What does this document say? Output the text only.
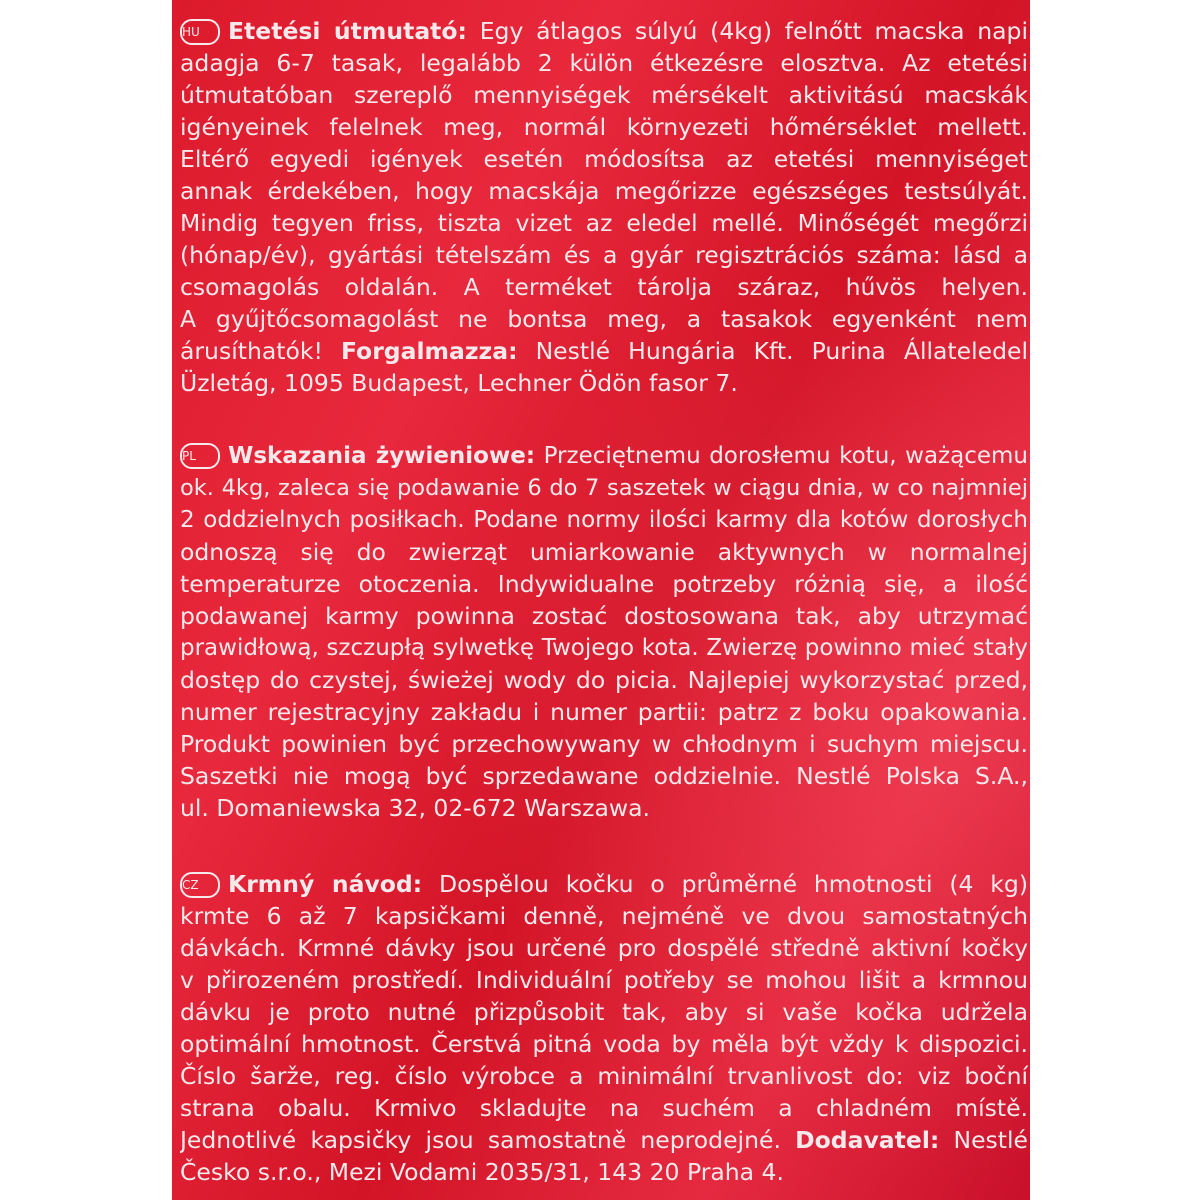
HU Etetési útmutató: Egy átlagos súlyú (4kg) felnőtt macska napi
adagja 6-7 tasak, legalább 2 külön étkezésre elosztva. Az etetési
útmutatóban szereplő mennyiségek mérsékelt aktivitású macskák
igényeinek felelnek meg, normál környezeti hőmérséklet mellett.
Eltérő egyedi igények esetén módosítsa az etetési mennyiséget
annak érdekében, hogy macskája megőrizze egészséges testsúlyát.
Mindig tegyen friss, tiszta vizet az eledel mellé. Minőségét megőrzi
(hónap/év), gyártási tételszám és a gyár regisztrációs száma: lásd a
csomagolás oldalán. A terméket tárolja száraz, hűvös helyen.
A gyűjtőcsomagolást ne bontsa meg, a tasakok egyenként nem
árusíthatók! Forgalmazza: Nestlé Hungária Kft. Purina Állateledel
Üzletág, 1095 Budapest, Lechner Ödön fasor 7.
PL Wskazania żywieniowe: Przeciętnemu dorosłemu kotu, ważącemu
ok. 4kg, zaleca się podawanie 6 do 7 saszetek w ciągu dnia, w co najmniej
2 oddzielnych posiłkach. Podane normy ilości karmy dla kotów dorosłych
odnoszą się do zwierząt umiarkowanie aktywnych w normalnej
temperaturze otoczenia. Indywidualne potrzeby różnią się, a ilość
podawanej karmy powinna zostać dostosowana tak, aby utrzymać
prawidłową, szczupłą sylwetkę Twojego kota. Zwierzę powinno mieć stały
dostęp do czystej, świeżej wody do picia. Najlepiej wykorzystać przed,
numer rejestracyjny zakładu i numer partii: patrz z boku opakowania.
Produkt powinien być przechowywany w chłodnym i suchym miejscu.
Saszetki nie mogą być sprzedawane oddzielnie. Nestlé Polska S.A.,
ul. Domaniewska 32, 02-672 Warszawa.
CZ Krmný návod: Dospělou kočku o průměrné hmotnosti (4 kg)
krmte 6 až 7 kapsičkami denně, nejméně ve dvou samostatných
dávkách. Krmné dávky jsou určené pro dospělé středně aktivní kočky
v přirozeném prostředí. Individuální potřeby se mohou lišit a krmnou
dávku je proto nutné přizpůsobit tak, aby si vaše kočka udržela
optimální hmotnost. Čerstvá pitná voda by měla být vždy k dispozici.
Číslo šarže, reg. číslo výrobce a minimální trvanlivost do: viz boční
strana obalu. Krmivo skladujte na suchém a chladném místě.
Jednotlivé kapsičky jsou samostatně neprodejné. Dodavatel: Nestlé
Česko s.r.o., Mezi Vodami 2035/31, 143 20 Praha 4.
